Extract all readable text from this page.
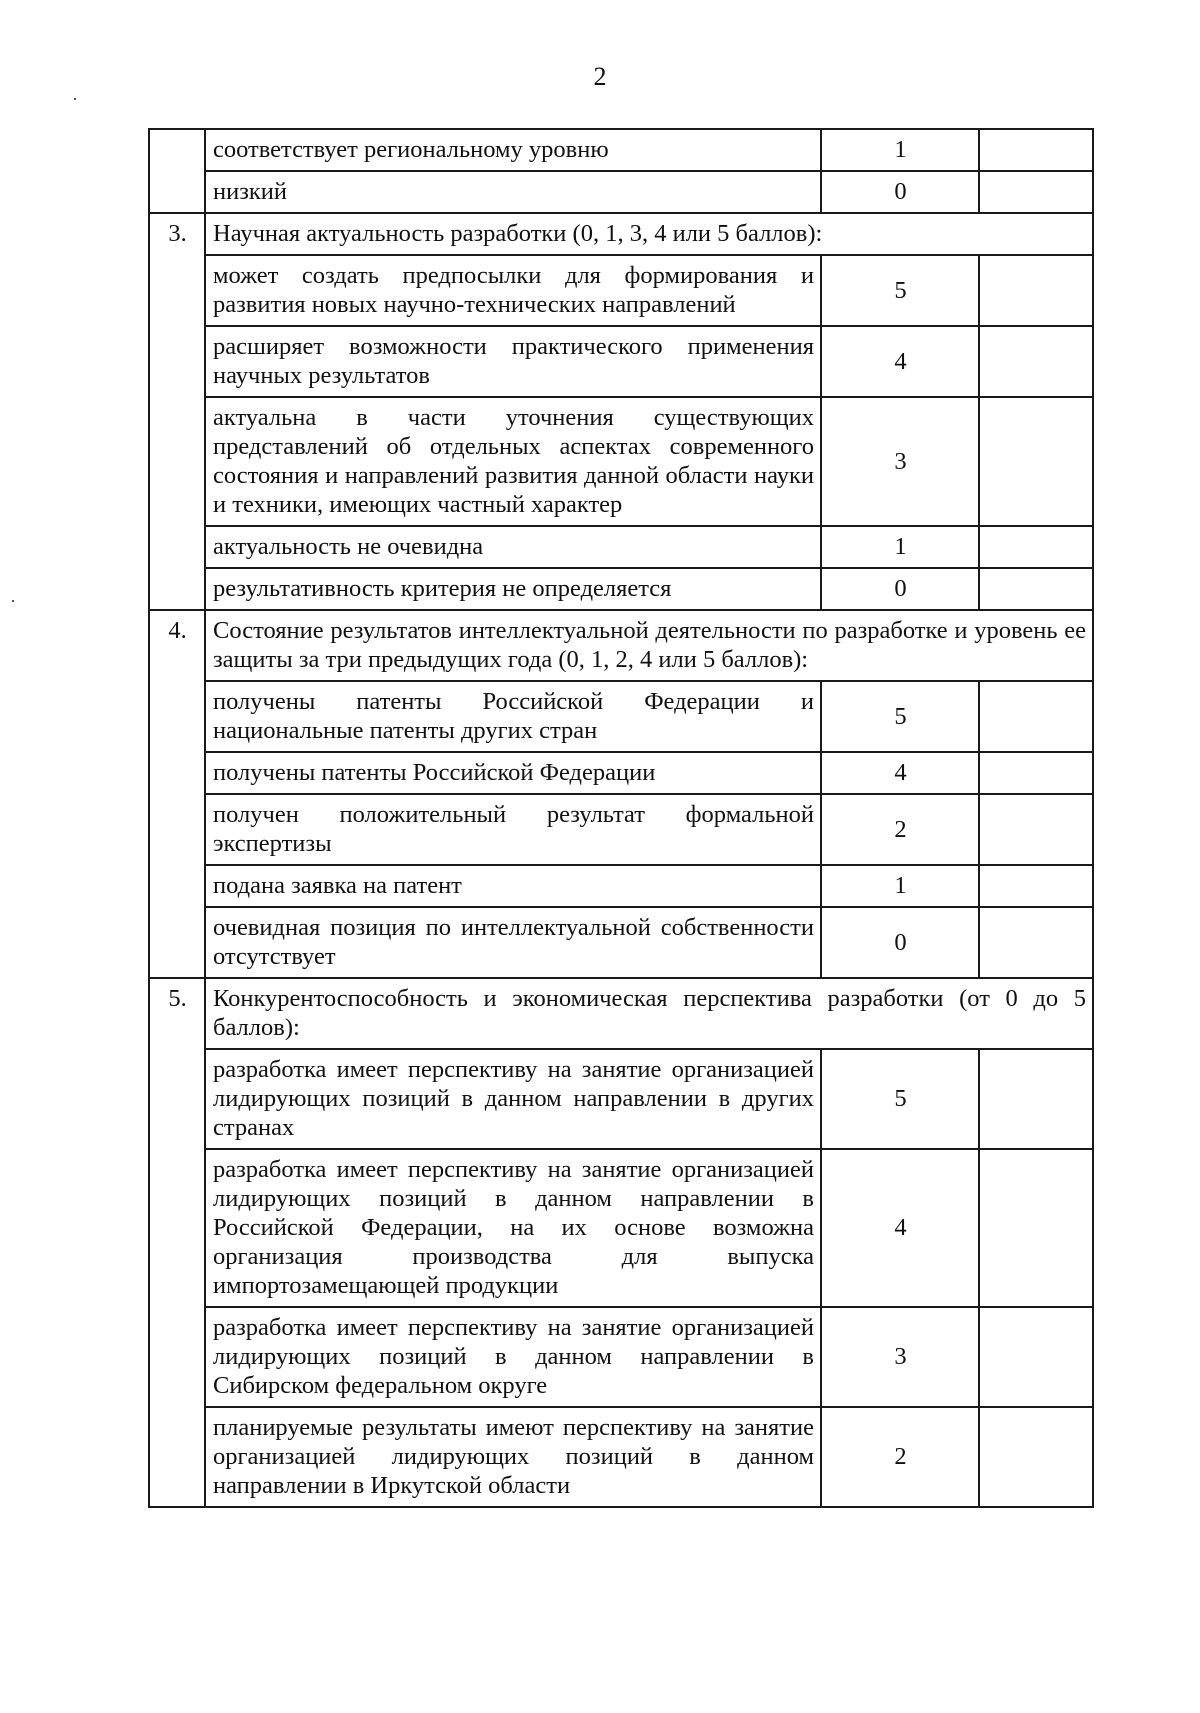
2
	соответствует региональному уровню	1	
	низкий	0	
3.	Научная актуальность разработки (0, 1, 3, 4 или 5 баллов):		
	может создать предпосылки для формирования и развития новых научно-технических направлений	5	
	расширяет возможности практического применения научных результатов	4	
	актуальна в части уточнения существующих представлений об отдельных аспектах современного состояния и направлений развития данной области науки и техники, имеющих частный характер	3	
	актуальность не очевидна	1	
	результативность критерия не определяется	0	
4.	Состояние результатов интеллектуальной деятельности по разработке и уровень ее защиты за три предыдущих года (0, 1, 2, 4 или 5 баллов):		
	получены патенты Российской Федерации и национальные патенты других стран	5	
	получены патенты Российской Федерации	4	
	получен положительный результат формальной экспертизы	2	
	подана заявка на патент	1	
	очевидная позиция по интеллектуальной собственности отсутствует	0	
5.	Конкурентоспособность и экономическая перспектива разработки (от 0 до 5 баллов):		
	разработка имеет перспективу на занятие организацией лидирующих позиций в данном направлении в других странах	5	
	разработка имеет перспективу на занятие организацией лидирующих позиций в данном направлении в Российской Федерации, на их основе возможна организация производства для выпуска импортозамещающей продукции	4	
	разработка имеет перспективу на занятие организацией лидирующих позиций в данном направлении в Сибирском федеральном округе	3	
	планируемые результаты имеют перспективу на занятие организацией лидирующих позиций в данном направлении в Иркутской области	2	
